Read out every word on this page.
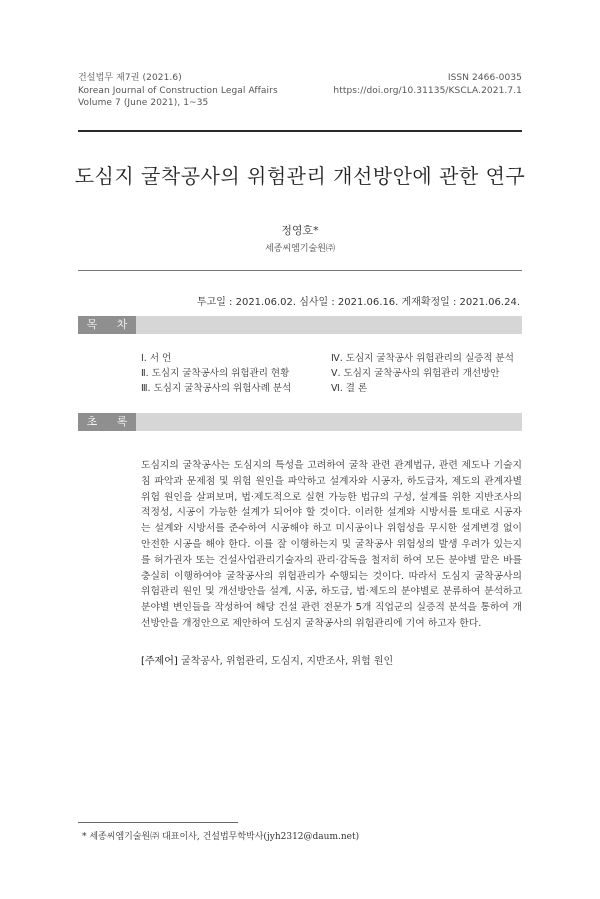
건설법무 제7권 (2021.6)
Korean Journal of Construction Legal Affairs
Volume 7 (June 2021), 1~35
ISSN 2466-0035
https://doi.org/10.31135/KSCLA.2021.7.1
도심지 굴착공사의 위험관리 개선방안에 관한 연구
정영호*
세종씨엠기술원㈜
투고일 : 2021.06.02. 심사일 : 2021.06.16. 게재확정일 : 2021.06.24.
목 차
Ⅰ. 서 언
Ⅱ. 도심지 굴착공사의 위험관리 현황
Ⅲ. 도심지 굴착공사의 위험사례 분석
Ⅳ. 도심지 굴착공사 위험관리의 실증적 분석
Ⅴ. 도심지 굴착공사의 위험관리 개선방안
Ⅵ. 결 론
초 록
도심지의 굴착공사는 도심지의 특성을 고려하여 굴착 관련 관계법규, 관련 제도나 기술지침 파악과 문제점 및 위험 원인을 파악하고 설계자와 시공자, 하도급자, 제도의 관계자별 위험 원인을 살펴보며, 법·제도적으로 실현 가능한 법규의 구성, 설계를 위한 지반조사의 적정성, 시공이 가능한 설계가 되어야 할 것이다. 이러한 설계와 시방서를 토대로 시공자는 설계와 시방서를 준수하여 시공해야 하고 미시공이나 위험성을 무시한 설계변경 없이 안전한 시공을 해야 한다. 이를 잘 이행하는지 및 굴착공사 위험성의 발생 우려가 있는지를 허가권자 또는 건설사업관리기술자의 관리·감독을 철저히 하여 모든 분야별 맡은 바를 충실히 이행하여야 굴착공사의 위험관리가 수행되는 것이다. 따라서 도심지 굴착공사의 위험관리 원인 및 개선방안을 설계, 시공, 하도급, 법·제도의 분야별로 분류하여 분석하고 분야별 변인들을 작성하여 해당 건설 관련 전문가 5개 직업군의 실증적 분석을 통하여 개선방안을 개정안으로 제안하여 도심지 굴착공사의 위험관리에 기여 하고자 한다.
[주제어] 굴착공사, 위험관리, 도심지, 지반조사, 위험 원인
* 세종씨엠기술원㈜ 대표이사, 건설법무학박사(jyh2312@daum.net)
